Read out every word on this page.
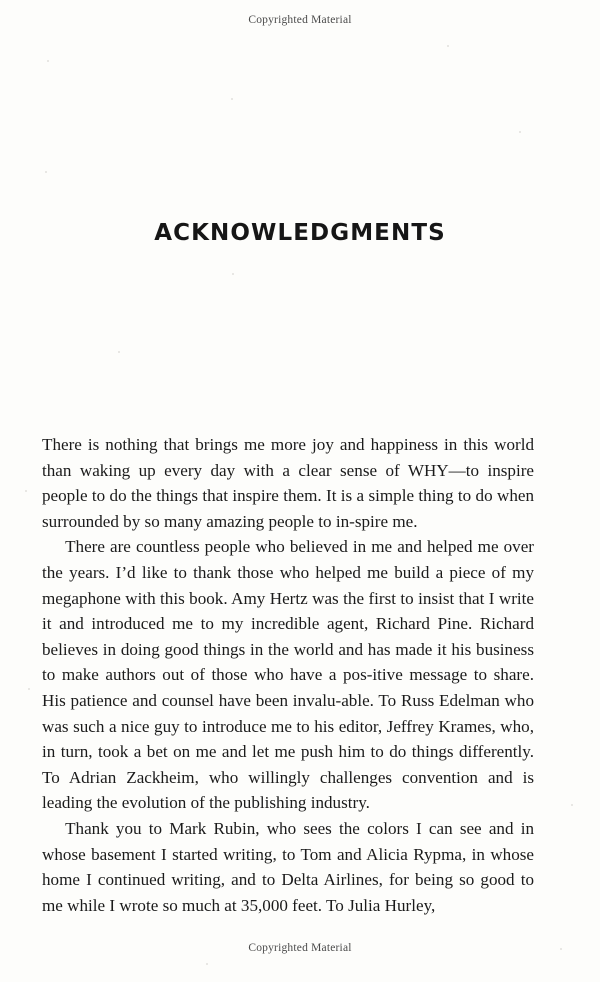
Copyrighted Material
ACKNOWLEDGMENTS

There is nothing that brings me more joy and happiness in this world than waking up every day with a clear sense of WHY—to inspire people to do the things that inspire them. It is a simple thing to do when surrounded by so many amazing people to in-spire me.

There are countless people who believed in me and helped me over the years. I’d like to thank those who helped me build a piece of my megaphone with this book. Amy Hertz was the first to insist that I write it and introduced me to my incredible agent, Richard Pine. Richard believes in doing good things in the world and has made it his business to make authors out of those who have a pos-itive message to share. His patience and counsel have been invalu-able. To Russ Edelman who was such a nice guy to introduce me to his editor, Jeffrey Krames, who, in turn, took a bet on me and let me push him to do things differently. To Adrian Zackheim, who willingly challenges convention and is leading the evolution of the publishing industry.

Thank you to Mark Rubin, who sees the colors I can see and in whose basement I started writing, to Tom and Alicia Rypma, in whose home I continued writing, and to Delta Airlines, for being so good to me while I wrote so much at 35,000 feet. To Julia Hurley,

Copyrighted Material
